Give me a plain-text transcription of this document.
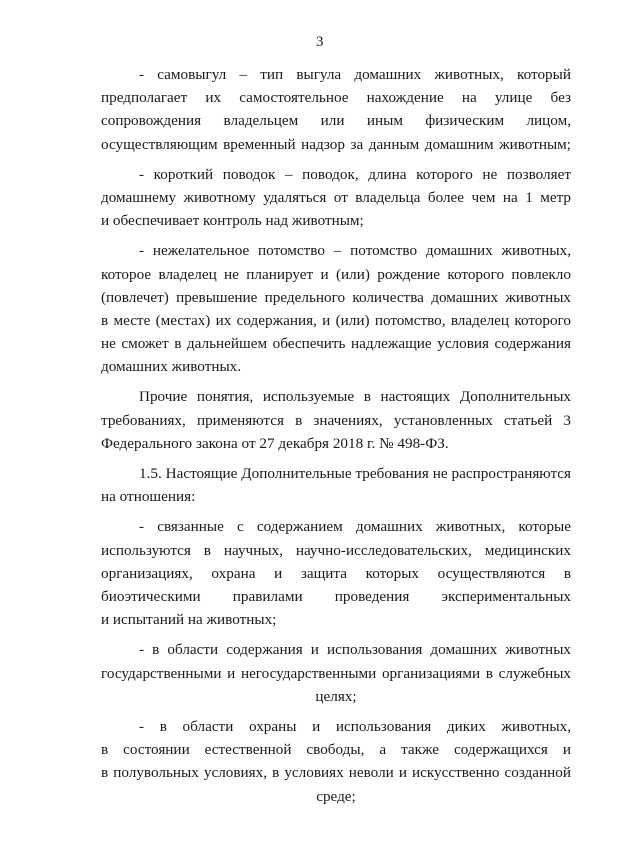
3
- самовыгул – тип выгула домашних животных, который
предполагает их самостоятельное нахождение на улице без
сопровождения владельцем или иным физическим лицом,
осуществляющим временный надзор за данным домашним животным;
- короткий поводок – поводок, длина которого не позволяет
домашнему животному удаляться от владельца более чем на 1 метр
и обеспечивает контроль над животным;
- нежелательное потомство – потомство домашних животных,
которое владелец не планирует и (или) рождение которого повлекло
(повлечет) превышение предельного количества домашних животных
в месте (местах) их содержания, и (или) потомство, владелец которого
не сможет в дальнейшем обеспечить надлежащие условия содержания
домашних животных.
Прочие понятия, используемые в настоящих Дополнительных
требованиях, применяются в значениях, установленных статьей 3
Федерального закона от 27 декабря 2018 г. № 498-ФЗ.
1.5. Настоящие Дополнительные требования не распространяются
на отношения:
- связанные с содержанием домашних животных, которые
используются в научных, научно-исследовательских, медицинских
организациях, охрана и защита которых осуществляются в
биоэтическими правилами проведения экспериментальных
и испытаний на животных;
- в области содержания и использования домашних животных
государственными и негосударственными организациями в служебных
целях;
- в области охраны и использования диких животных,
в состоянии естественной свободы, а также содержащихся и
в полувольных условиях, в условиях неволи и искусственно созданной
среде;
